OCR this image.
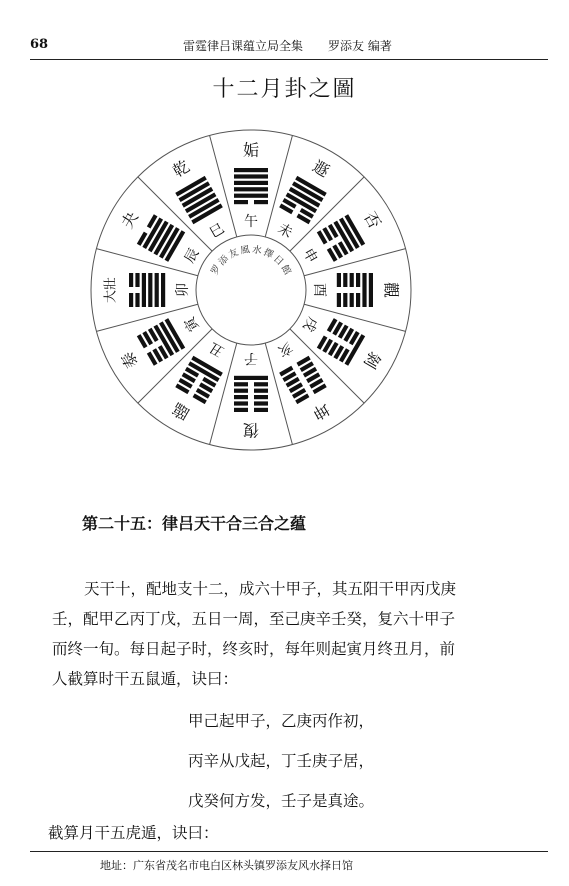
68	雷霆律吕课蕴立局全集 罗添友 编著
十二月卦之圖
罗
添
友 風 水 擇
日
館
午
姤
未
遯
申
否
酉	觀
戌
剝
亥
坤
子
復
丑
臨
寅
泰
卯
大壯
辰
夬	巳
乾
第二十五：律吕天干合三合之蕴
天干十，配地支十二，成六十甲子，其五阳干甲丙戊庚
壬，配甲乙丙丁戊，五日一周，至己庚辛壬癸，复六十甲子
而终一旬。每日起子时，终亥时，每年则起寅月终丑月，前
人截算时干五鼠遁，诀曰：
甲己起甲子，乙庚丙作初，
丙辛从戊起，丁壬庚子居，
戊癸何方发，壬子是真途。
截算月干五虎遁，诀曰：
地址：广东省茂名市电白区林头镇罗添友风水择日馆
